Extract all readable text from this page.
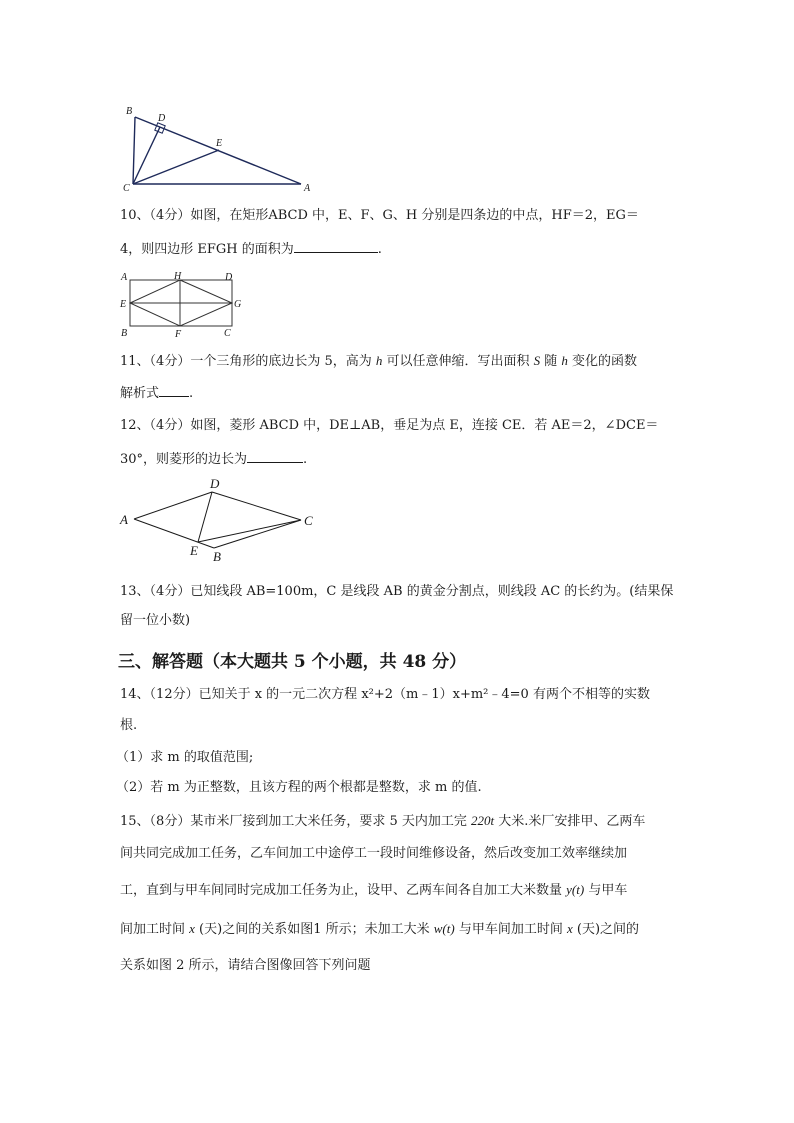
B
D
E
C	A
10、（4分）如图，在矩形ABCD 中，E、F、G、H 分别是四条边的中点，HF＝2，EG＝
4，则四边形 EFGH 的面积为	.
A	H	D
E	G
B	F	C
11、（4分）一个三角形的底边长为 5，高为 h 可以任意伸缩．写出面积 S 随 h 变化的函数
解析式 .
12、（4分）如图，菱形 ABCD 中，DE⊥AB，垂足为点 E，连接 CE．若 AE＝2，∠DCE＝
30°，则菱形的边长为	.
A
D
C
E B
13、（4分）已知线段 AB=100m，C 是线段 AB 的黄金分割点，则线段 AC 的长约为。(结果保
留一位小数)
三、解答题（本大题共 5 个小题，共 48 分）
14、（12分）已知关于 x 的一元二次方程 x²+2（m﹣1）x+m²﹣4=0 有两个不相等的实数
根.
（1）求 m 的取值范围;
（2）若 m 为正整数，且该方程的两个根都是整数，求 m 的值.
15、（8分）某市米厂接到加工大米任务，要求 5 天内加工完 220t 大米.米厂安排甲、乙两车
间共同完成加工任务，乙车间加工中途停工一段时间维修设备，然后改变加工效率继续加
工，直到与甲车间同时完成加工任务为止，设甲、乙两车间各自加工大米数量 y(t) 与甲车
间加工时间 x (天)之间的关系如图1 所示；未加工大米 w(t) 与甲车间加工时间 x (天)之间的
关系如图 2 所示，请结合图像回答下列问题
